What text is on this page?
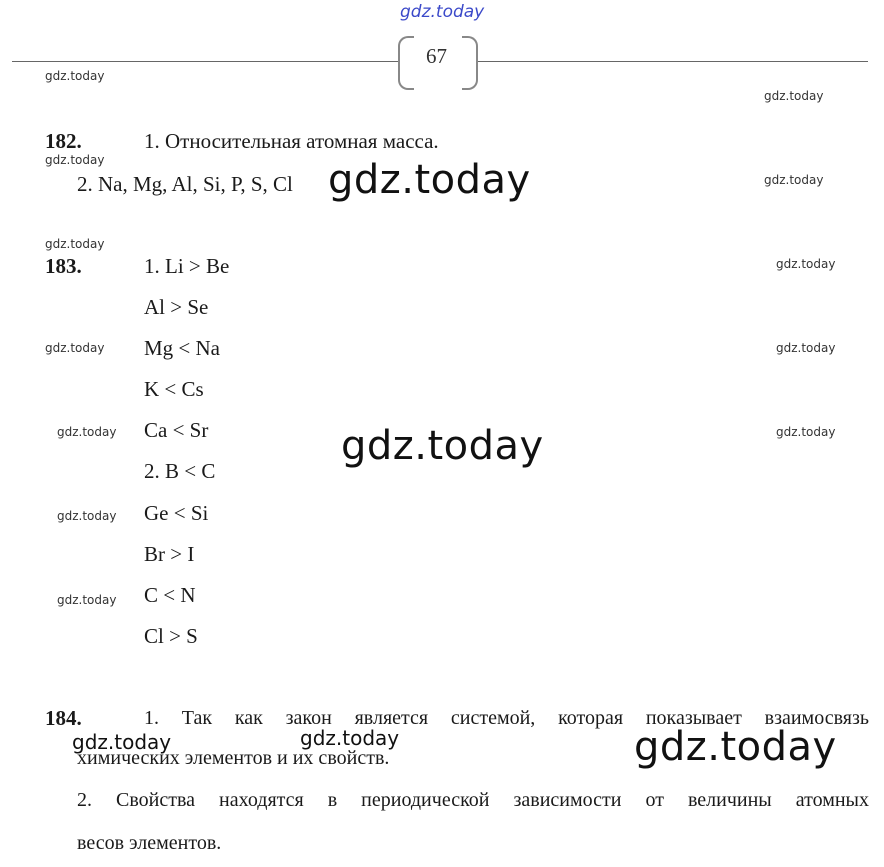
gdz.today
67
gdz.today
gdz.today
gdz.today
gdz.today
gdz.today
gdz.today
gdz.today	gdz.today
gdz.today	gdz.today
gdz.today
gdz.today
182.	1. Относительная атомная масса.
2. Na, Mg, Al, Si, P, S, Cl gdz.today
183.	1. Li > Be
Al > Se
Mg < Na
K < Cs
Ca < Sr
2. B < C
Ge < Si
Br > I
C < N
Cl > S
gdz.today
184.	1. Так как закон является системой, которая показывает взаимосвязь
химических элементов и их свойств.
2. Свойства находятся в периодической зависимости от величины атомных
весов элементов.
gdz.today	gdz.today	gdz.today
